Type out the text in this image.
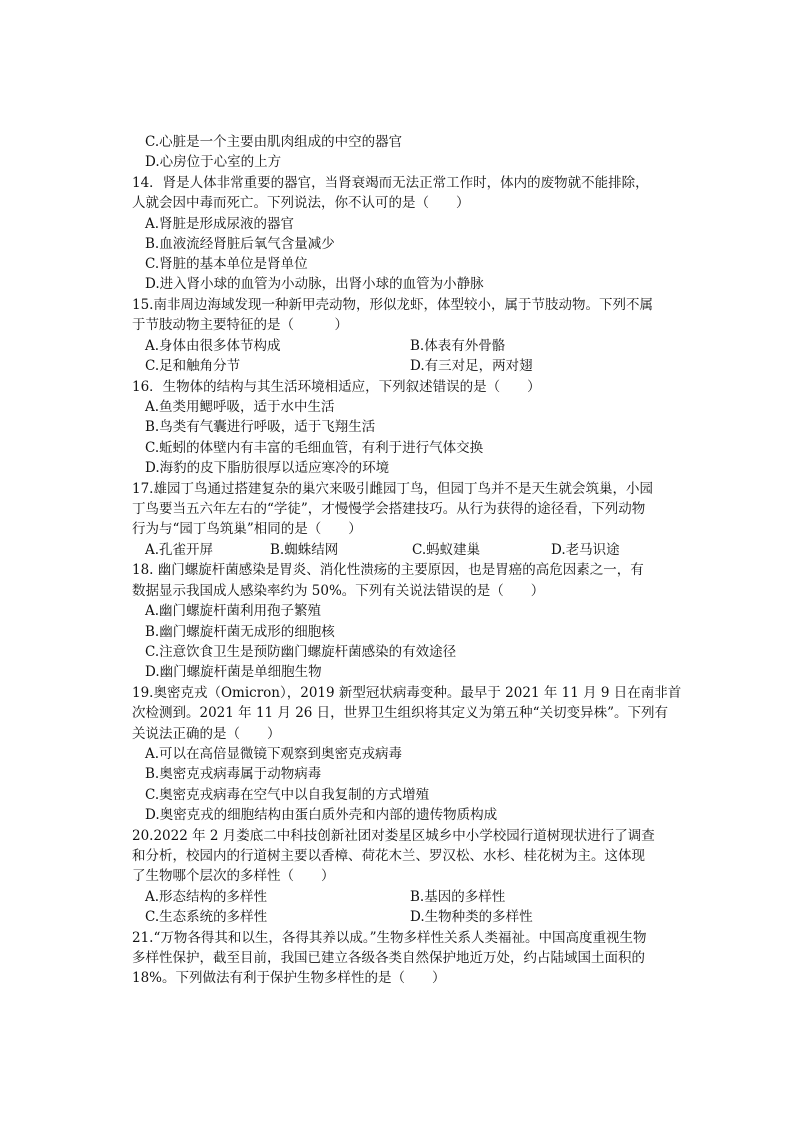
C.心脏是一个主要由肌肉组成的中空的器官
D.心房位于心室的上方
14．肾是人体非常重要的器官，当肾衰竭而无法正常工作时，体内的废物就不能排除，
人就会因中毒而死亡。下列说法，你不认可的是（　　）
A.肾脏是形成尿液的器官
B.血液流经肾脏后氧气含量减少
C.肾脏的基本单位是肾单位
D.进入肾小球的血管为小动脉，出肾小球的血管为小静脉
15.南非周边海域发现一种新甲壳动物，形似龙虾，体型较小，属于节肢动物。下列不属
于节肢动物主要特征的是（　　　）
A.身体由很多体节构成	B.体表有外骨骼
C.足和触角分节	D.有三对足，两对翅
16．生物体的结构与其生活环境相适应，下列叙述错误的是（　　）
A.鱼类用鳃呼吸，适于水中生活
B.鸟类有气囊进行呼吸，适于飞翔生活
C.蚯蚓的体壁内有丰富的毛细血管，有利于进行气体交换
D.海豹的皮下脂肪很厚以适应寒冷的环境
17.雄园丁鸟通过搭建复杂的巢穴来吸引雌园丁鸟，但园丁鸟并不是天生就会筑巢，小园
丁鸟要当五六年左右的“学徒”，才慢慢学会搭建技巧。从行为获得的途径看，下列动物
行为与“园丁鸟筑巢”相同的是（　　）
A.孔雀开屏	B.蜘蛛结网	C.蚂蚁建巢	D.老马识途
18. 幽门螺旋杆菌感染是胃炎、消化性溃疡的主要原因，也是胃癌的高危因素之一，有
数据显示我国成人感染率约为 50%。下列有关说法错误的是（　　）
A.幽门螺旋杆菌利用孢子繁殖
B.幽门螺旋杆菌无成形的细胞核
C.注意饮食卫生是预防幽门螺旋杆菌感染的有效途径
D.幽门螺旋杆菌是单细胞生物
19.奥密克戎（Omicron），2019 新型冠状病毒变种。最早于 2021 年 11 月 9 日在南非首
次检测到。2021 年 11 月 26 日，世界卫生组织将其定义为第五种“关切变异株”。下列有
关说法正确的是（　　）
A.可以在高倍显微镜下观察到奥密克戎病毒
B.奥密克戎病毒属于动物病毒
C.奥密克戎病毒在空气中以自我复制的方式增殖
D.奥密克戎的细胞结构由蛋白质外壳和内部的遗传物质构成
20.2022 年 2 月娄底二中科技创新社团对娄星区城乡中小学校园行道树现状进行了调查
和分析，校园内的行道树主要以香樟、荷花木兰、罗汉松、水杉、桂花树为主。这体现
了生物哪个层次的多样性（　　）
A.形态结构的多样性	B.基因的多样性
C.生态系统的多样性	D.生物种类的多样性
21.“万物各得其和以生，各得其养以成。”生物多样性关系人类福祉。中国高度重视生物
多样性保护，截至目前，我国已建立各级各类自然保护地近万处，约占陆域国土面积的
18%。下列做法有利于保护生物多样性的是（　　）
